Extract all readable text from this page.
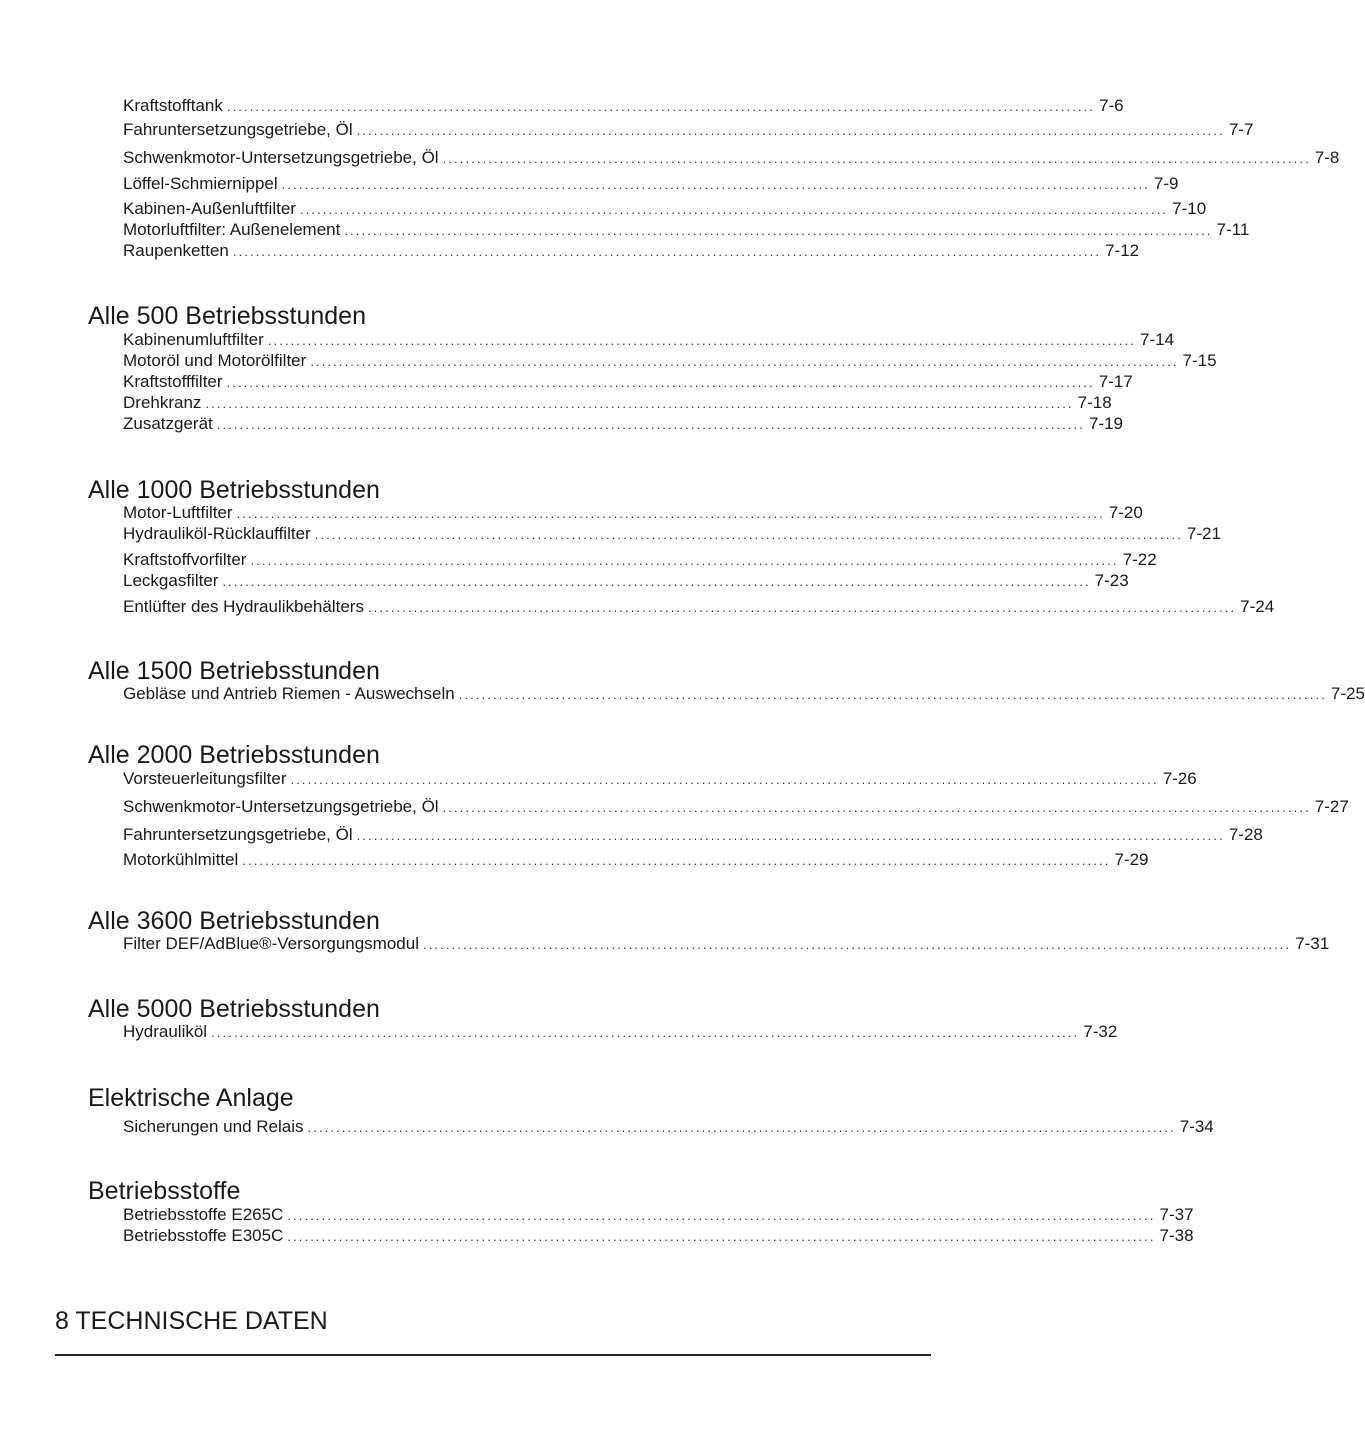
Kraftstofftank ........................................................................................................................................................ 7-6
Fahruntersetzungsgetriebe, Öl ........................................................................................................................................................ 7-7
Schwenkmotor-Untersetzungsgetriebe, Öl ........................................................................................................................................................ 7-8
Löffel-Schmiernippel ........................................................................................................................................................ 7-9
Kabinen-Außenluftfilter ........................................................................................................................................................ 7-10
Motorluftfilter: Außenelement ........................................................................................................................................................ 7-11
Raupenketten ........................................................................................................................................................ 7-12
Alle 500 Betriebsstunden
Kabinenumluftfilter ........................................................................................................................................................ 7-14
Motoröl und Motorölfilter ........................................................................................................................................................ 7-15
Kraftstofffilter ........................................................................................................................................................ 7-17
Drehkranz ........................................................................................................................................................ 7-18
Zusatzgerät ........................................................................................................................................................ 7-19
Alle 1000 Betriebsstunden
Motor-Luftfilter ........................................................................................................................................................ 7-20
Hydrauliköl-Rücklauffilter ........................................................................................................................................................ 7-21
Kraftstoffvorfilter ........................................................................................................................................................ 7-22
Leckgasfilter ........................................................................................................................................................ 7-23
Entlüfter des Hydraulikbehälters ........................................................................................................................................................ 7-24
Alle 1500 Betriebsstunden
Gebläse und Antrieb Riemen - Auswechseln ........................................................................................................................................................ 7-25
Alle 2000 Betriebsstunden
Vorsteuerleitungsfilter ........................................................................................................................................................ 7-26
Schwenkmotor-Untersetzungsgetriebe, Öl ........................................................................................................................................................ 7-27
Fahruntersetzungsgetriebe, Öl ........................................................................................................................................................ 7-28
Motorkühlmittel ........................................................................................................................................................ 7-29
Alle 3600 Betriebsstunden
Filter DEF/AdBlue®-Versorgungsmodul ........................................................................................................................................................ 7-31
Alle 5000 Betriebsstunden
Hydrauliköl ........................................................................................................................................................ 7-32
Elektrische Anlage
Sicherungen und Relais ........................................................................................................................................................ 7-34
Betriebsstoffe
Betriebsstoffe E265C ........................................................................................................................................................ 7-37
Betriebsstoffe E305C ........................................................................................................................................................ 7-38
8 TECHNISCHE DATEN
